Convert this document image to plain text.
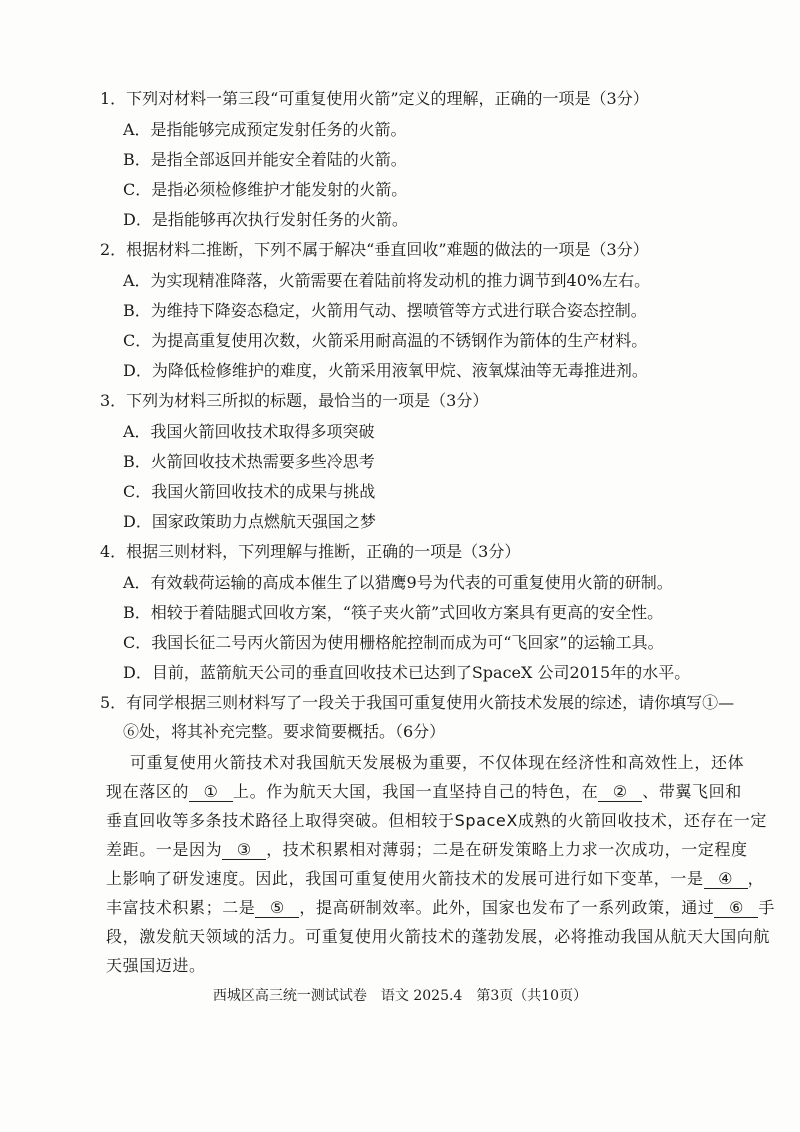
1．下列对材料一第三段“可重复使用火箭”定义的理解，正确的一项是（3分）
A．是指能够完成预定发射任务的火箭。
B．是指全部返回并能安全着陆的火箭。
C．是指必须检修维护才能发射的火箭。
D．是指能够再次执行发射任务的火箭。
2．根据材料二推断，下列不属于解决“垂直回收”难题的做法的一项是（3分）
A．为实现精准降落，火箭需要在着陆前将发动机的推力调节到40%左右。
B．为维持下降姿态稳定，火箭用气动、摆喷管等方式进行联合姿态控制。
C．为提高重复使用次数，火箭采用耐高温的不锈钢作为箭体的生产材料。
D．为降低检修维护的难度，火箭采用液氧甲烷、液氧煤油等无毒推进剂。
3．下列为材料三所拟的标题，最恰当的一项是（3分）
A．我国火箭回收技术取得多项突破
B．火箭回收技术热需要多些冷思考
C．我国火箭回收技术的成果与挑战
D．国家政策助力点燃航天强国之梦
4．根据三则材料，下列理解与推断，正确的一项是（3分）
A．有效载荷运输的高成本催生了以猎鹰9号为代表的可重复使用火箭的研制。
B．相较于着陆腿式回收方案，“筷子夹火箭”式回收方案具有更高的安全性。
C．我国长征二号丙火箭因为使用栅格舵控制而成为可“飞回家”的运输工具。
D．目前，蓝箭航天公司的垂直回收技术已达到了SpaceX 公司2015年的水平。
5．有同学根据三则材料写了一段关于我国可重复使用火箭技术发展的综述，请你填写①—
⑥处，将其补充完整。要求简要概括。（6分）
可重复使用火箭技术对我国航天发展极为重要，不仅体现在经济性和高效性上，还体
现在落区的 ① 上。作为航天大国，我国一直坚持自己的特色，在 ② 、带翼飞回和
垂直回收等多条技术路径上取得突破。但相较于SpaceX成熟的火箭回收技术，还存在一定
差距。一是因为 ③ ，技术积累相对薄弱；二是在研发策略上力求一次成功，一定程度
上影响了研发速度。因此，我国可重复使用火箭技术的发展可进行如下变革，一是 ④ ，
丰富技术积累；二是 ⑤ ，提高研制效率。此外，国家也发布了一系列政策，通过 ⑥ 手
段，激发航天领域的活力。可重复使用火箭技术的蓬勃发展，必将推动我国从航天大国向航
天强国迈进。
西城区高三统一测试试卷　语文 2025.4　第3页（共10页）
